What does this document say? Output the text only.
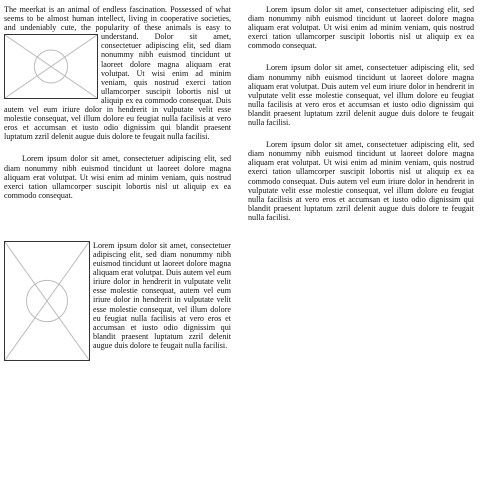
The meerkat is an animal of endless fascination. Possessed of what seems to be almost human intellect, living in cooperative societies, and undeniably cute, the popularity of these animals is easy to understand. Dolor sit amet, consectetuer adipiscing elit, sed diam nonummy nibh euismod tincidunt ut laoreet dolore magna aliquam erat volutpat. Ut wisi enim ad minim veniam, quis nostrud exerci tation ullamcorper suscipit lobortis nisl ut aliquip ex ea commodo consequat. Duis autem vel eum iriure dolor in hendrerit in vulputate velit esse molestie consequat, vel illum dolore eu feugiat nulla facilisis at vero eros et accumsan et iusto odio dignissim qui blandit praesent luptatum zzril delenit augue duis dolore te feugait nulla facilisi.

Lorem ipsum dolor sit amet, consectetuer adipiscing elit, sed diam nonummy nibh euismod tincidunt ut laoreet dolore magna aliquam erat volutpat. Ut wisi enim ad minim veniam, quis nostrud exerci tation ullamcorper suscipit lobortis nisl ut aliquip ex ea commodo consequat.

Lorem ipsum dolor sit amet, consectetuer adipiscing elit, sed diam nonummy nibh euismod tincidunt ut laoreet dolore magna aliquam erat volutpat. Duis autem vel eum iriure dolor in hendrerit in vulputate velit esse molestie consequat, autem vel eum iriure dolor in hendrerit in vulputate velit esse molestie consequat, vel illum dolore eu feugiat nulla facilisis at vero eros et accumsan et iusto odio dignissim qui blandit praesent luptatum zzril delenit augue duis dolore te feugait nulla facilisi.

Lorem ipsum dolor sit amet, consectetuer adipiscing elit, sed diam nonummy nibh euismod tincidunt ut laoreet dolore magna aliquam erat volutpat. Ut wisi enim ad minim veniam, quis nostrud exerci tation ullamcorper suscipit lobortis nisl ut aliquip ex ea commodo consequat.

Lorem ipsum dolor sit amet, consectetuer adipiscing elit, sed diam nonummy nibh euismod tincidunt ut laoreet dolore magna aliquam erat volutpat. Duis autem vel eum iriure dolor in hendrerit in vulputate velit esse molestie consequat, vel illum dolore eu feugiat nulla facilisis at vero eros et accumsan et iusto odio dignissim qui blandit praesent luptatum zzril delenit augue duis dolore te feugait nulla facilisi.

Lorem ipsum dolor sit amet, consectetuer adipiscing elit, sed diam nonummy nibh euismod tincidunt ut laoreet dolore magna aliquam erat volutpat. Ut wisi enim ad minim veniam, quis nostrud exerci tation ullamcorper suscipit lobortis nisl ut aliquip ex ea commodo consequat. Duis autem vel eum iriure dolor in hendrerit in vulputate velit esse molestie consequat, vel illum dolore eu feugiat nulla facilisis at vero eros et accumsan et iusto odio dignissim qui blandit praesent luptatum zzril delenit augue duis dolore te feugait nulla facilisi.
